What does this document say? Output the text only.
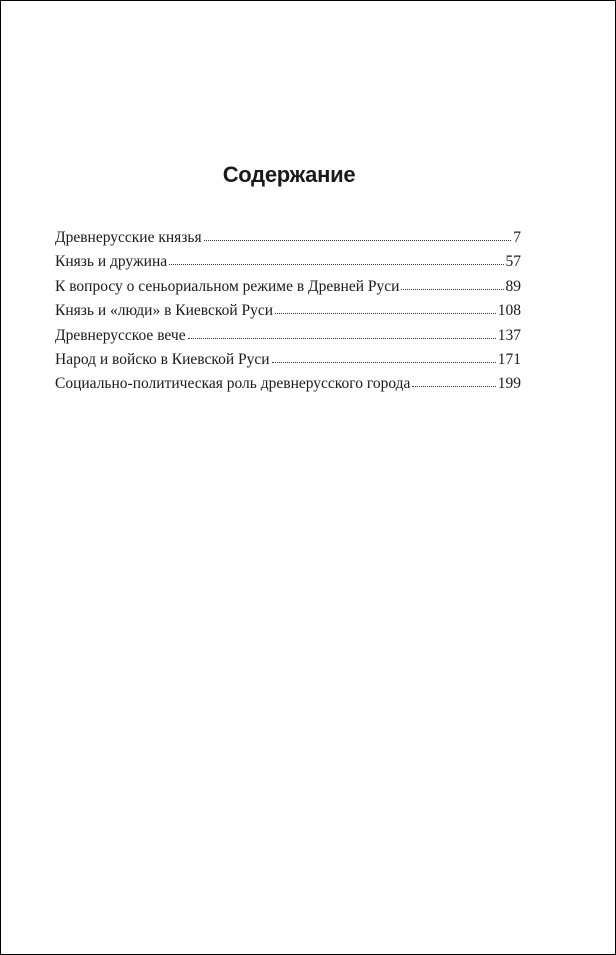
Содержание
Древнерусские князья	7
Князь и дружина	57
К вопросу о сеньориальном режиме в Древней Руси	89
Князь и «люди» в Киевской Руси	108
Древнерусское вече	137
Народ и войско в Киевской Руси	171
Социально-политическая роль древнерусского города	199
